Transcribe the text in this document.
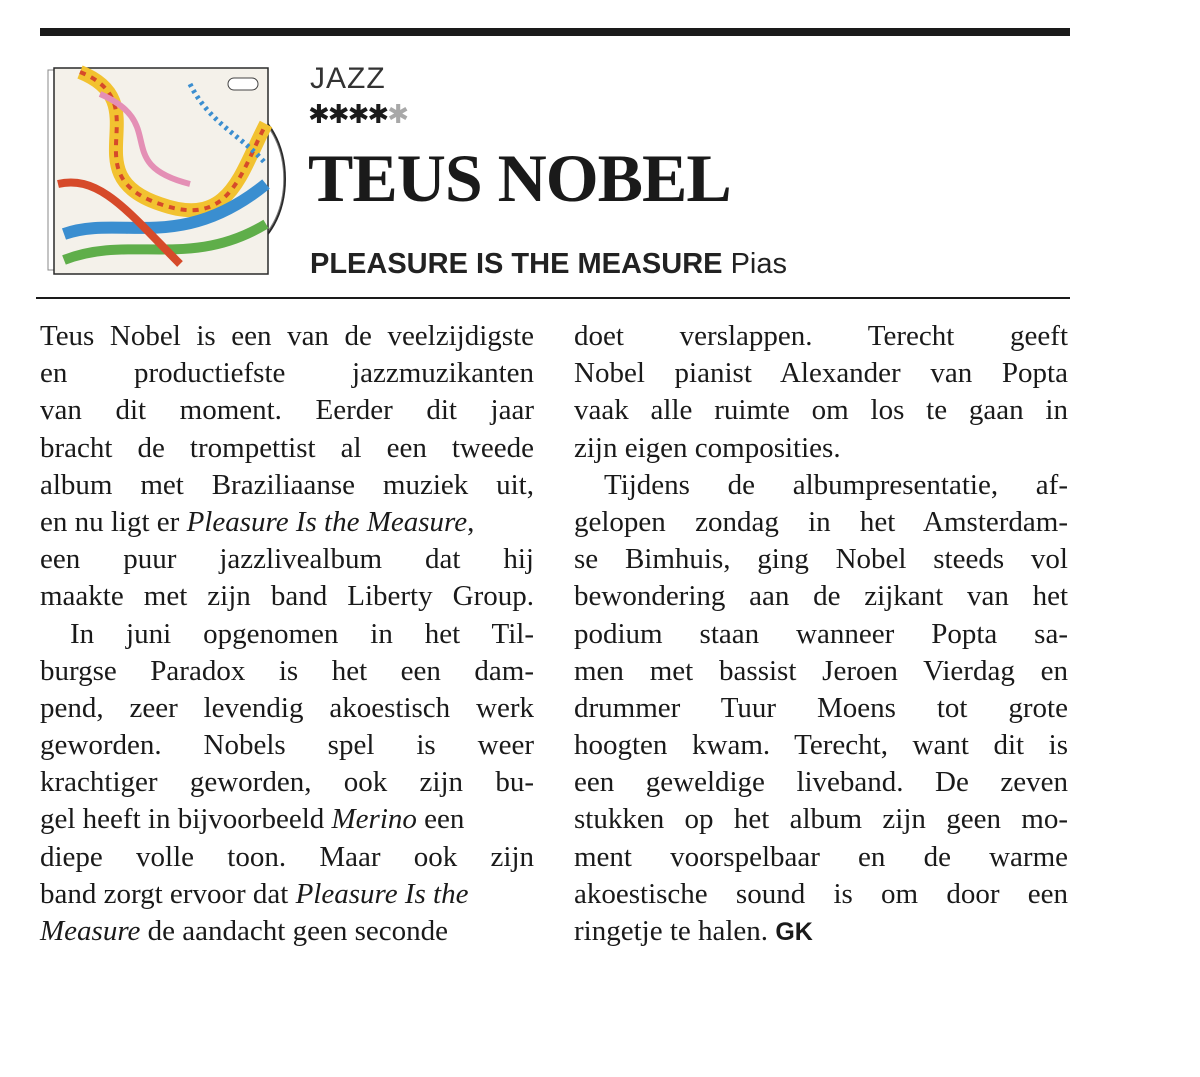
JAZZ
✱✱✱✱✱
TEUS NOBEL
PLEASURE IS THE MEASURE Pias
Teus Nobel is een van de veelzijdigste
en productiefste jazzmuzikanten
van dit moment. Eerder dit jaar
bracht de trompettist al een tweede
album met Braziliaanse muziek uit,
en nu ligt er Pleasure Is the Measure,
een puur jazzlivealbum dat hij
maakte met zijn band Liberty Group.
In juni opgenomen in het Til-
burgse Paradox is het een dam-
pend, zeer levendig akoestisch werk
geworden. Nobels spel is weer
krachtiger geworden, ook zijn bu-
gel heeft in bijvoorbeeld Merino een
diepe volle toon. Maar ook zijn
band zorgt ervoor dat Pleasure Is the
Measure de aandacht geen seconde
doet verslappen. Terecht geeft
Nobel pianist Alexander van Popta
vaak alle ruimte om los te gaan in
zijn eigen composities.
Tijdens de albumpresentatie, af-
gelopen zondag in het Amsterdam-
se Bimhuis, ging Nobel steeds vol
bewondering aan de zijkant van het
podium staan wanneer Popta sa-
men met bassist Jeroen Vierdag en
drummer Tuur Moens tot grote
hoogten kwam. Terecht, want dit is
een geweldige liveband. De zeven
stukken op het album zijn geen mo-
ment voorspelbaar en de warme
akoestische sound is om door een
ringetje te halen. GK
